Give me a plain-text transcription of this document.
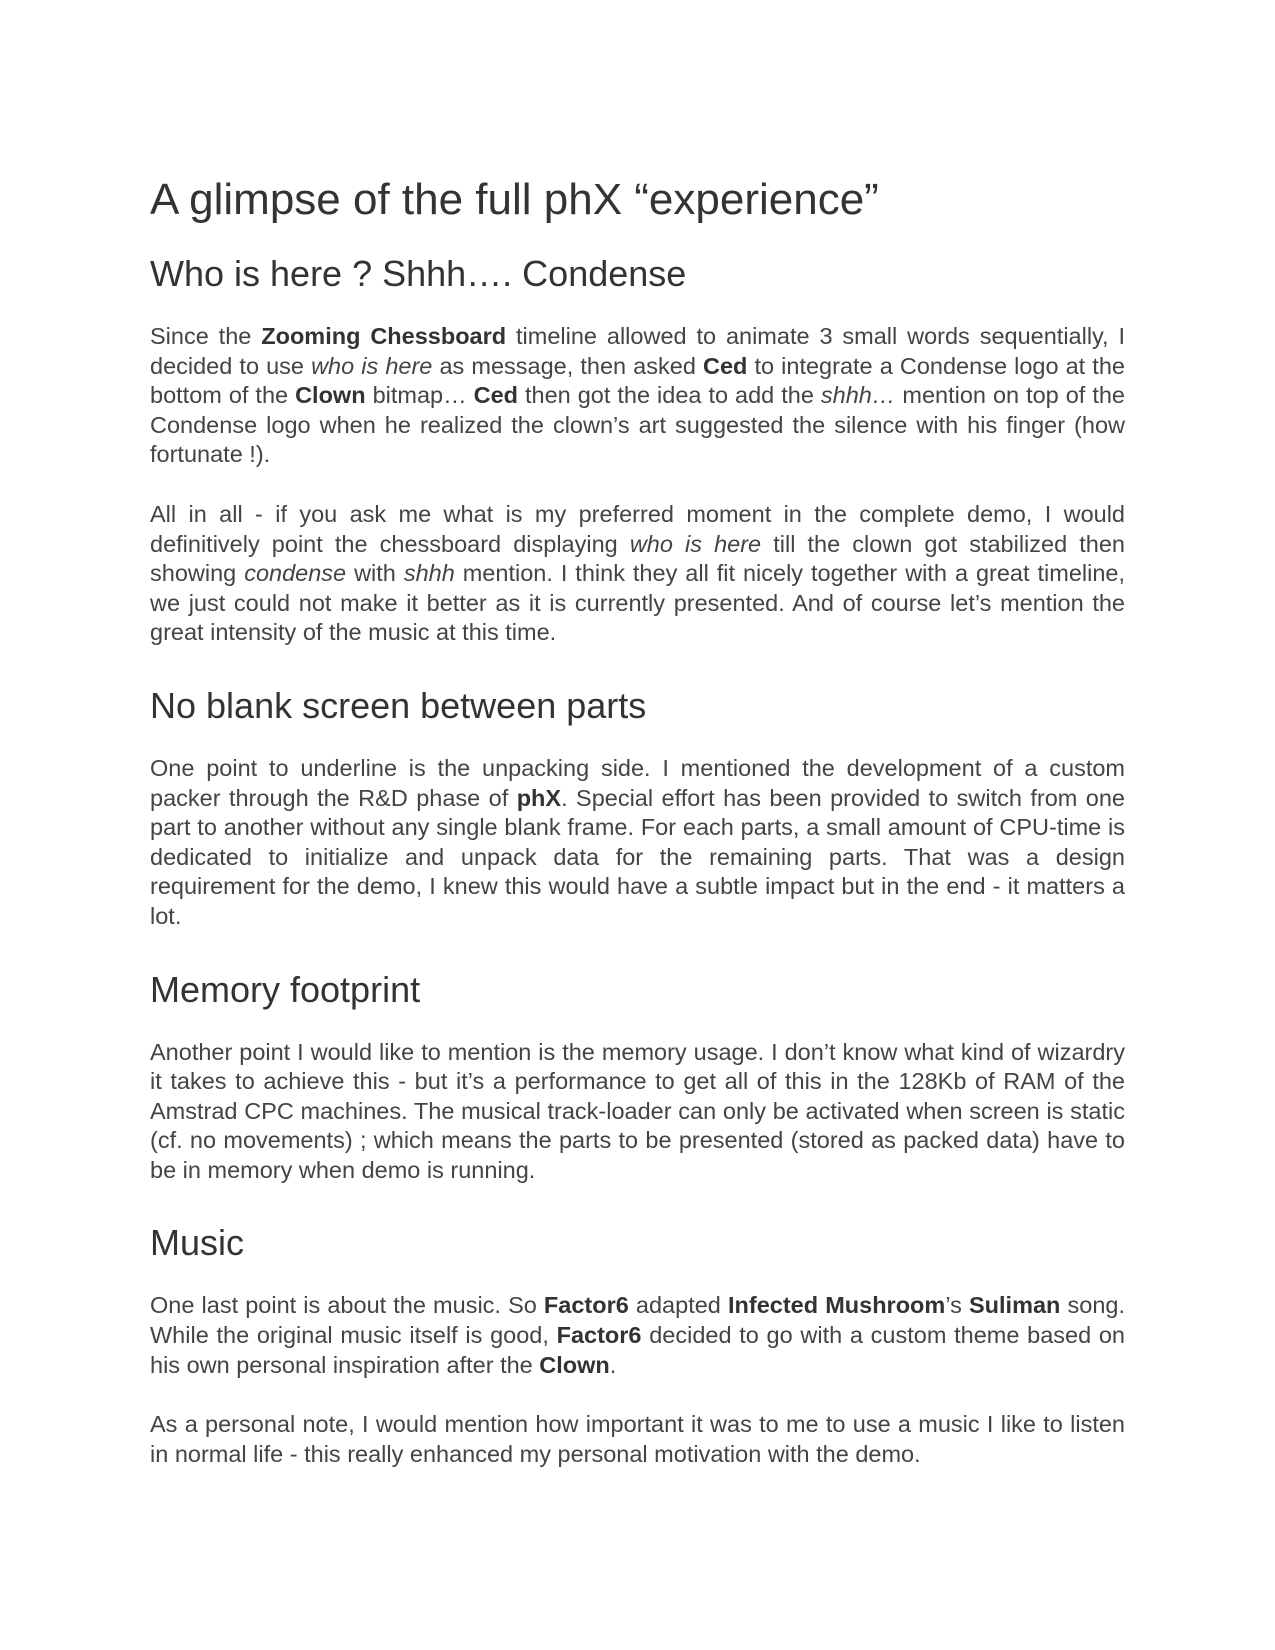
A glimpse of the full phX “experience”
Who is here ? Shhh…. Condense

Since the Zooming Chessboard timeline allowed to animate 3 small words sequentially, I decided to use who is here as message, then asked Ced to integrate a Condense logo at the bottom of the Clown bitmap… Ced then got the idea to add the shhh… mention on top of the Condense logo when he realized the clown’s art suggested the silence with his finger (how fortunate !).

All in all - if you ask me what is my preferred moment in the complete demo, I would definitively point the chessboard displaying who is here till the clown got stabilized then showing condense with shhh mention. I think they all fit nicely together with a great timeline, we just could not make it better as it is currently presented. And of course let’s mention the great intensity of the music at this time.

No blank screen between parts

One point to underline is the unpacking side. I mentioned the development of a custom packer through the R&D phase of phX. Special effort has been provided to switch from one part to another without any single blank frame. For each parts, a small amount of CPU-time is dedicated to initialize and unpack data for the remaining parts. That was a design requirement for the demo, I knew this would have a subtle impact but in the end - it matters a lot.

Memory footprint

Another point I would like to mention is the memory usage. I don’t know what kind of wizardry it takes to achieve this - but it’s a performance to get all of this in the 128Kb of RAM of the Amstrad CPC machines. The musical track-loader can only be activated when screen is static (cf. no movements) ; which means the parts to be presented (stored as packed data) have to be in memory when demo is running.

Music

One last point is about the music. So Factor6 adapted Infected Mushroom’s Suliman song. While the original music itself is good, Factor6 decided to go with a custom theme based on his own personal inspiration after the Clown.

As a personal note, I would mention how important it was to me to use a music I like to listen in normal life - this really enhanced my personal motivation with the demo.
